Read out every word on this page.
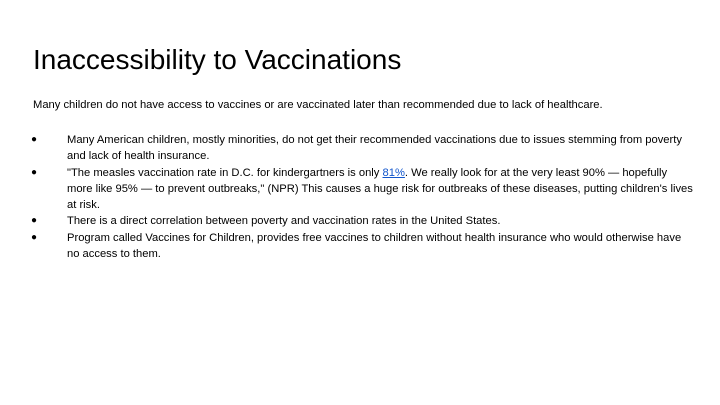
Inaccessibility to Vaccinations
Many children do not have access to vaccines or are vaccinated later than recommended due to lack of healthcare.
●	Many American children, mostly minorities, do not get their recommended vaccinations due to issues stemming from poverty and lack of health insurance.
●	"The measles vaccination rate in D.C. for kindergartners is only 81%. We really look for at the very least 90% — hopefully more like 95% — to prevent outbreaks," (NPR) This causes a huge risk for outbreaks of these diseases, putting children's lives at risk.
●	There is a direct correlation between poverty and vaccination rates in the United States.
●	Program called Vaccines for Children, provides free vaccines to children without health insurance who would otherwise have no access to them.
